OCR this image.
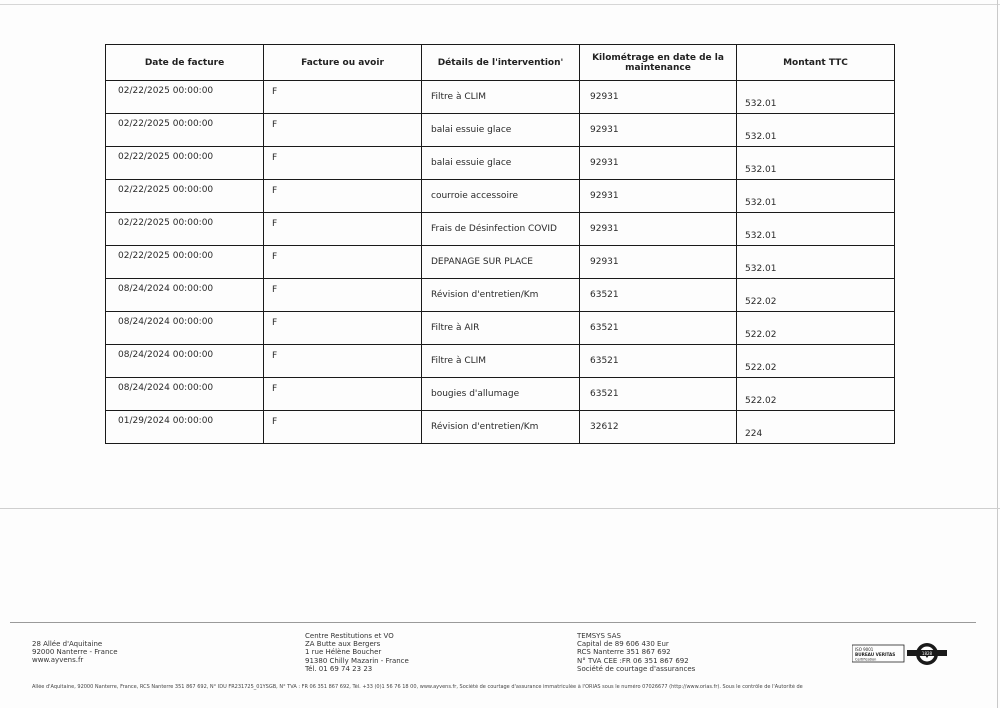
Date de facture	Facture ou avoir	Détails de l'intervention'	Kilométrage en date de la maintenance	Montant TTC
02/22/2025 00:00:00	F	Filtre à CLIM	92931	532.01
02/22/2025 00:00:00	F	balai essuie glace	92931	532.01
02/22/2025 00:00:00	F	balai essuie glace	92931	532.01
02/22/2025 00:00:00	F	courroie accessoire	92931	532.01
02/22/2025 00:00:00	F	Frais de Désinfection COVID	92931	532.01
02/22/2025 00:00:00	F	DEPANAGE SUR PLACE	92931	532.01
08/24/2024 00:00:00	F	Révision d'entretien/Km	63521	522.02
08/24/2024 00:00:00	F	Filtre à AIR	63521	522.02
08/24/2024 00:00:00	F	Filtre à CLIM	63521	522.02
08/24/2024 00:00:00	F	bougies d'allumage	63521	522.02
01/29/2024 00:00:00	F	Révision d'entretien/Km	32612	224
28 Allée d'Aquitaine
92000 Nanterre - France
www.ayvens.fr
Centre Restitutions et VO
ZA Butte aux Bergers
1 rue Hélène Boucher
91380 Chilly Mazarin - France
Tél. 01 69 74 23 23
TEMSYS SAS
Capital de 89 606 430 Eur
RCS Nanterre 351 867 692
N° TVA CEE :FR 06 351 867 692
Société de courtage d'assurances
ISO 9001
BUREAU VERITAS
Certification
1828
Allée d'Aquitaine, 92000 Nanterre, France, RCS Nanterre 351 867 692, N° IDU FR231725_01YSGB, N° TVA : FR 06 351 867 692, Tél. +33 (0)1 56 76 18 00, www.ayvens.fr, Société de courtage d'assurance immatriculée à l'ORIAS sous le numéro 07026677 (http://www.orias.fr). Sous le contrôle de l'Autorité de
